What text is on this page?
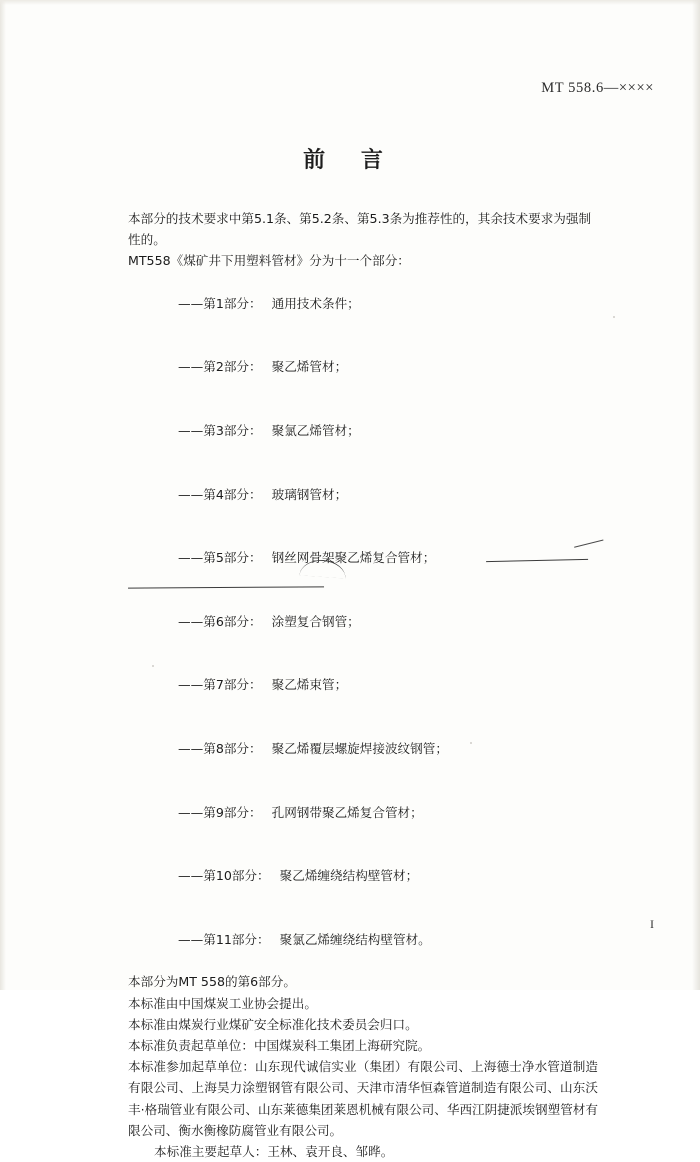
MT 558.6—××××
前 言
本部分的技术要求中第5.1条、第5.2条、第5.3条为推荐性的，其余技术要求为强制性的。
MT558《煤矿井下用塑料管材》分为十一个部分：

——第1部分： 通用技术条件；

——第2部分： 聚乙烯管材；

——第3部分： 聚氯乙烯管材；

——第4部分： 玻璃钢管材；

——第5部分： 钢丝网骨架聚乙烯复合管材；

——第6部分： 涂塑复合钢管；

——第7部分： 聚乙烯束管；

——第8部分： 聚乙烯覆层螺旋焊接波纹钢管；

——第9部分： 孔网钢带聚乙烯复合管材；

——第10部分： 聚乙烯缠绕结构壁管材；

——第11部分： 聚氯乙烯缠绕结构壁管材。

本部分为MT 558的第6部分。
本标准由中国煤炭工业协会提出。
本标准由煤炭行业煤矿安全标准化技术委员会归口。
本标准负责起草单位：中国煤炭科工集团上海研究院。
本标准参加起草单位：山东现代诚信实业（集团）有限公司、上海德士净水管道制造有限公司、上海昊力涂塑钢管有限公司、天津市清华恒森管道制造有限公司、山东沃丰·格瑞管业有限公司、山东莱德集团莱恩机械有限公司、华西江阴捷派埃钢塑管材有限公司、衡水衡橡防腐管业有限公司。
本标准主要起草人：王林、袁开良、邹晔。
I
